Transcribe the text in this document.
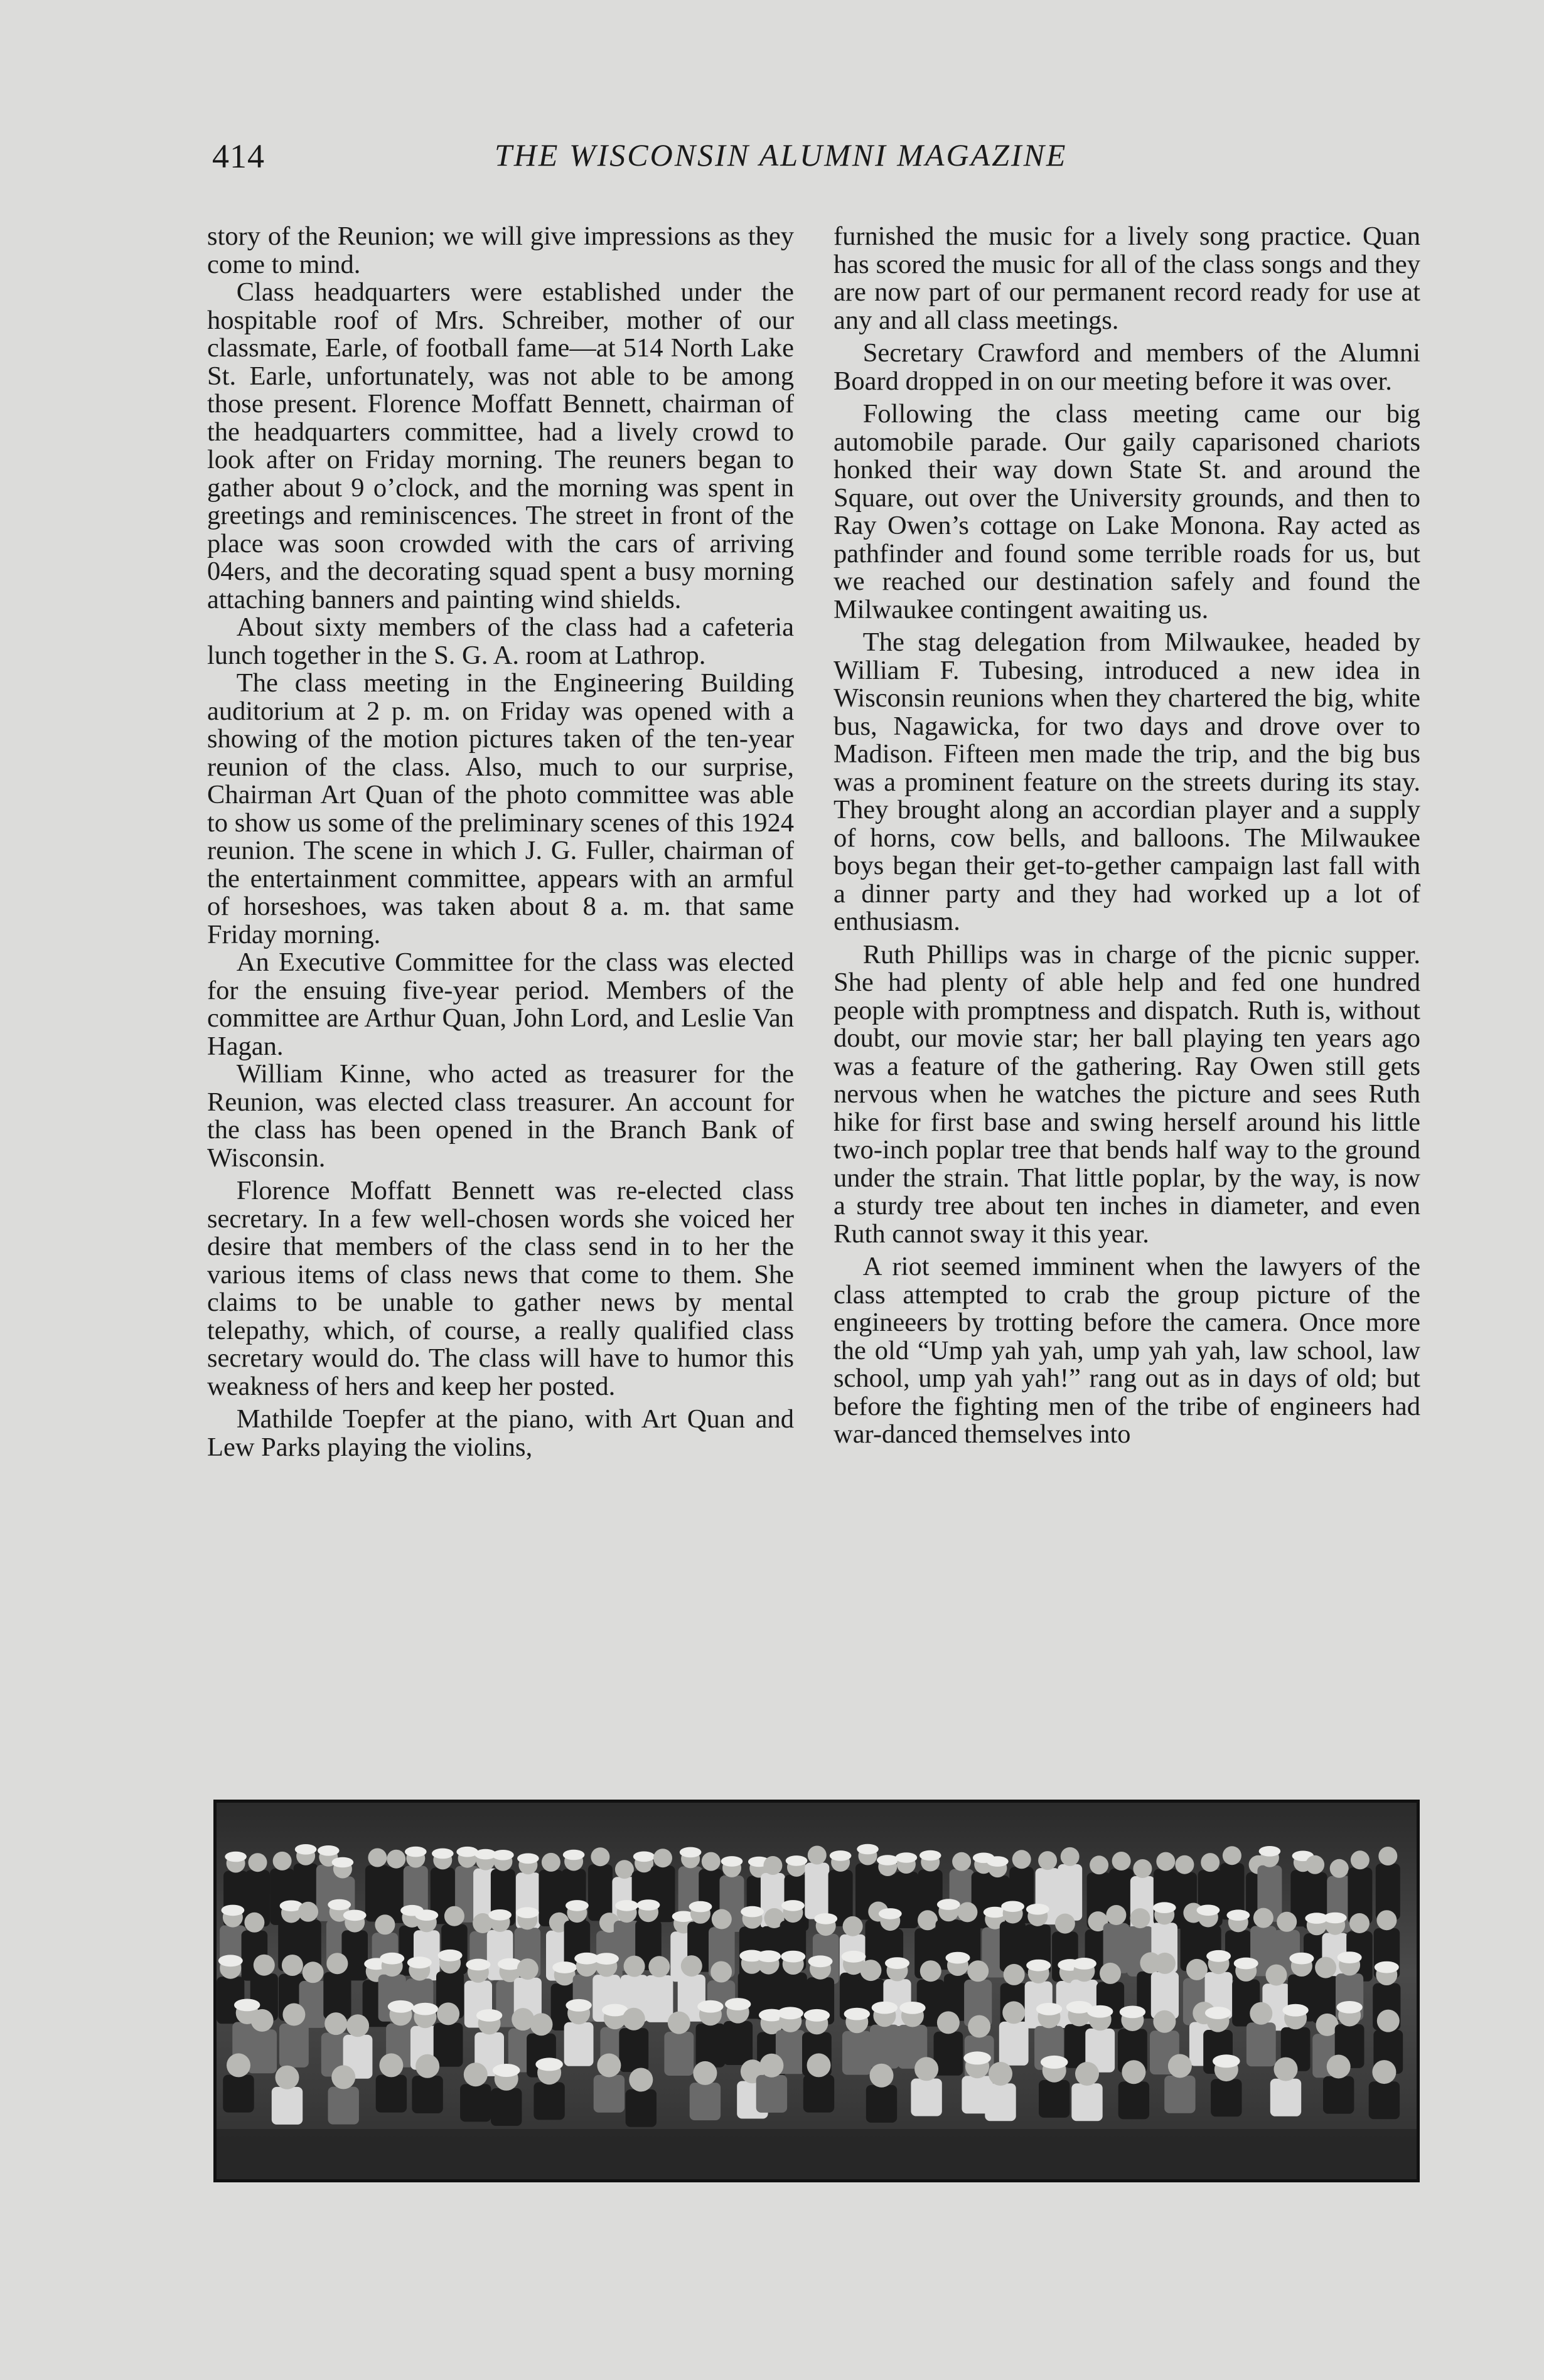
414	THE WISCONSIN ALUMNI MAGAZINE

story of the Reunion; we will give impressions as they come to mind.

Class headquarters were established under the hospitable roof of Mrs. Schreiber, mother of our classmate, Earle, of football fame—at 514 North Lake St. Earle, unfortunately, was not able to be among those present. Florence Moffatt Bennett, chairman of the headquarters committee, had a lively crowd to look after on Friday morning. The reuners began to gather about 9 o’clock, and the morning was spent in greetings and reminiscences. The street in front of the place was soon crowded with the cars of arriving 04ers, and the decorating squad spent a busy morning attaching banners and painting wind shields.

About sixty members of the class had a cafeteria lunch together in the S. G. A. room at Lathrop.

The class meeting in the Engineering Building auditorium at 2 p. m. on Friday was opened with a showing of the motion pictures taken of the ten-year reunion of the class. Also, much to our surprise, Chairman Art Quan of the photo committee was able to show us some of the preliminary scenes of this 1924 reunion. The scene in which J. G. Fuller, chairman of the entertainment committee, appears with an armful of horseshoes, was taken about 8 a. m. that same Friday morning.

An Executive Committee for the class was elected for the ensuing five-year period. Members of the committee are Arthur Quan, John Lord, and Leslie Van Hagan.

William Kinne, who acted as treasurer for the Reunion, was elected class treasurer. An account for the class has been opened in the Branch Bank of Wisconsin.

Florence Moffatt Bennett was re-elected class secretary. In a few well-chosen words she voiced her desire that members of the class send in to her the various items of class news that come to them. She claims to be unable to gather news by mental telepathy, which, of course, a really qualified class secretary would do. The class will have to humor this weakness of hers and keep her posted.

Mathilde Toepfer at the piano, with Art Quan and Lew Parks playing the violins,

furnished the music for a lively song practice. Quan has scored the music for all of the class songs and they are now part of our permanent record ready for use at any and all class meetings.

Secretary Crawford and members of the Alumni Board dropped in on our meeting before it was over.

Following the class meeting came our big automobile parade. Our gaily caparisoned chariots honked their way down State St. and around the Square, out over the University grounds, and then to Ray Owen’s cottage on Lake Monona. Ray acted as pathfinder and found some terrible roads for us, but we reached our destination safely and found the Milwaukee contingent awaiting us.

The stag delegation from Milwaukee, headed by William F. Tubesing, introduced a new idea in Wisconsin reunions when they chartered the big, white bus, Nagawicka, for two days and drove over to Madison. Fifteen men made the trip, and the big bus was a prominent feature on the streets during its stay. They brought along an accordian player and a supply of horns, cow bells, and balloons. The Milwaukee boys began their get-to-gether campaign last fall with a dinner party and they had worked up a lot of enthusiasm.

Ruth Phillips was in charge of the picnic supper. She had plenty of able help and fed one hundred people with promptness and dispatch. Ruth is, without doubt, our movie star; her ball playing ten years ago was a feature of the gathering. Ray Owen still gets nervous when he watches the picture and sees Ruth hike for first base and swing herself around his little two-inch poplar tree that bends half way to the ground under the strain. That little poplar, by the way, is now a sturdy tree about ten inches in diameter, and even Ruth cannot sway it this year.

A riot seemed imminent when the lawyers of the class attempted to crab the group picture of the engineeers by trotting before the camera. Once more the old “Ump yah yah, ump yah yah, law school, law school, ump yah yah!” rang out as in days of old; but before the fighting men of the tribe of engineers had war-danced themselves into
